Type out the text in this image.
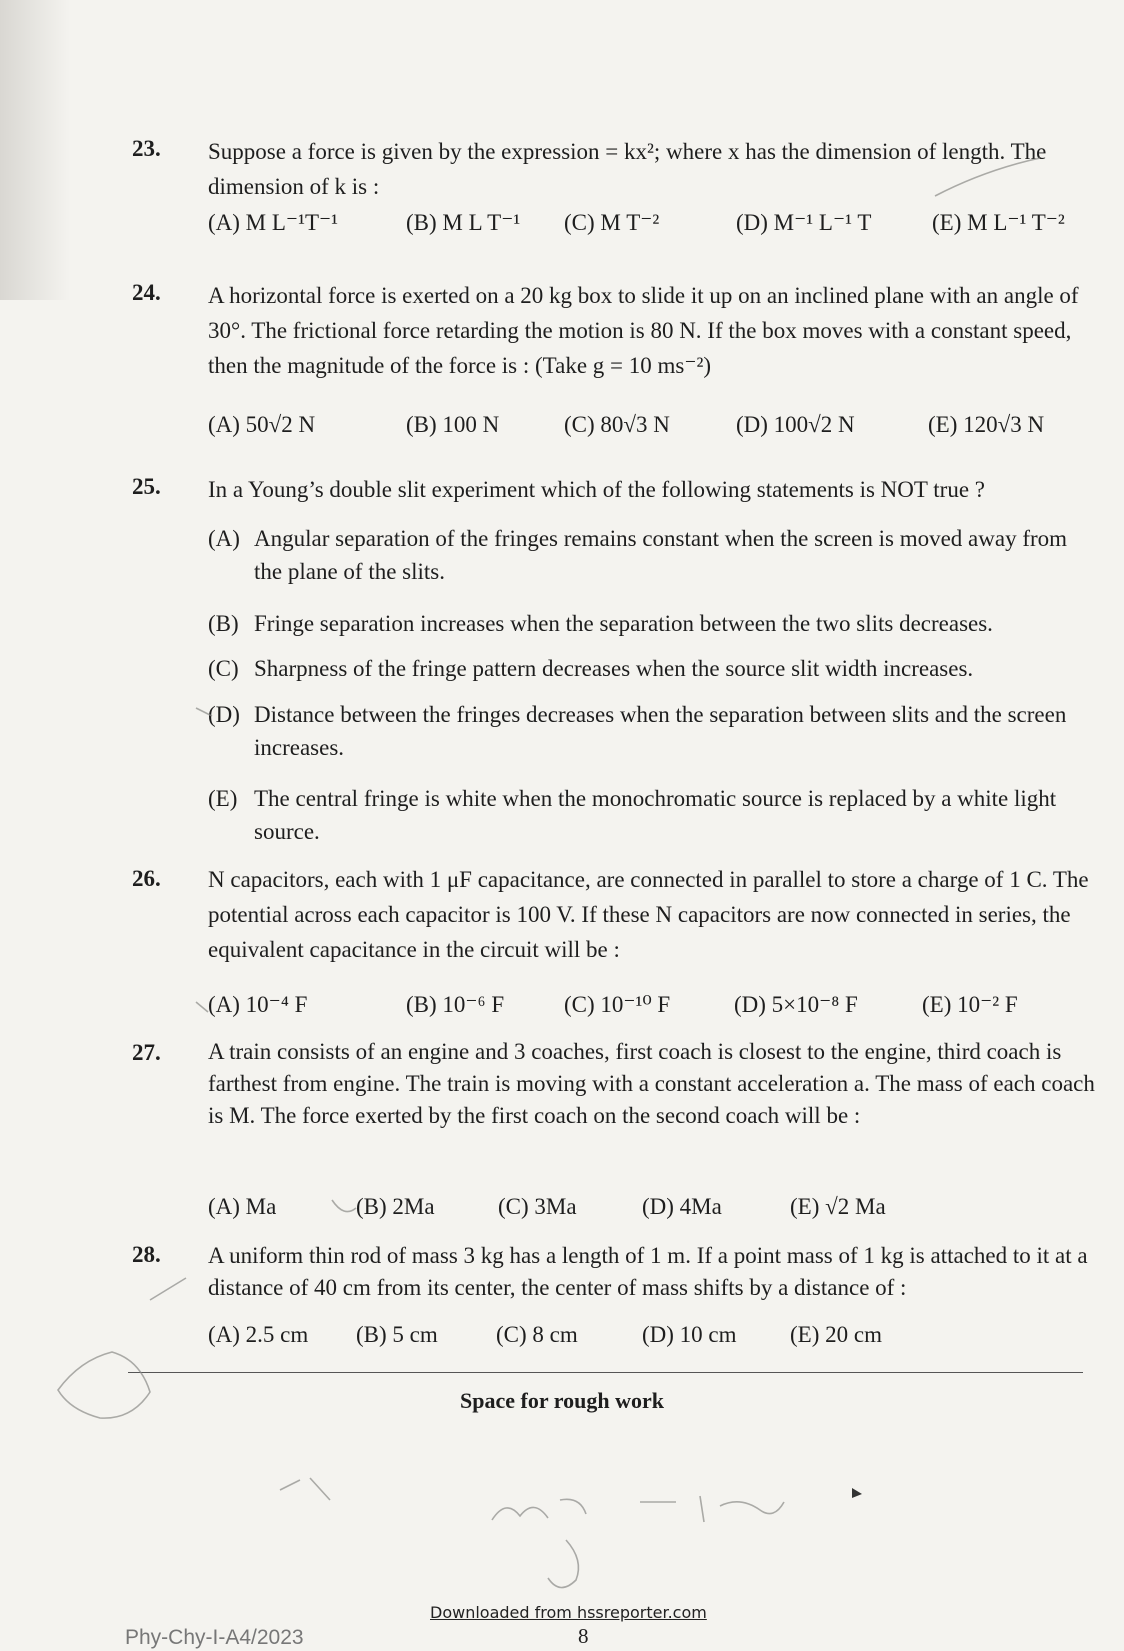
23. Suppose a force is given by the expression = kx²; where x has the dimension of length. The dimension of k is :
(A) M L⁻¹T⁻¹	(B) M L T⁻¹ (C) M T⁻²	(D) M⁻¹ L⁻¹ T	(E) M L⁻¹ T⁻²
24. A horizontal force is exerted on a 20 kg box to slide it up on an inclined plane with an angle of 30°. The frictional force retarding the motion is 80 N. If the box moves with a constant speed, then the magnitude of the force is : (Take g = 10 ms⁻²)
(A) 50√2 N	(B) 100 N	(C) 80√3 N	(D) 100√2 N	(E) 120√3 N
25. In a Young’s double slit experiment which of the following statements is NOT true ?
(A) Angular separation of the fringes remains constant when the screen is moved away from the plane of the slits.
(B) Fringe separation increases when the separation between the two slits decreases.
(C) Sharpness of the fringe pattern decreases when the source slit width increases.
(D) Distance between the fringes decreases when the separation between slits and the screen increases.
(E) The central fringe is white when the monochromatic source is replaced by a white light source.
26. N capacitors, each with 1 μF capacitance, are connected in parallel to store a charge of 1 C. The potential across each capacitor is 100 V. If these N capacitors are now connected in series, the equivalent capacitance in the circuit will be :
(A) 10⁻⁴ F	(B) 10⁻⁶ F	(C) 10⁻¹⁰ F	(D) 5×10⁻⁸ F	(E) 10⁻² F
27. A train consists of an engine and 3 coaches, first coach is closest to the engine, third coach is farthest from engine. The train is moving with a constant acceleration a. The mass of each coach is M. The force exerted by the first coach on the second coach will be :
(A) Ma	(B) 2Ma	(C) 3Ma	(D) 4Ma	(E) √2 Ma
28. A uniform thin rod of mass 3 kg has a length of 1 m. If a point mass of 1 kg is attached to it at a distance of 40 cm from its center, the center of mass shifts by a distance of :
(A) 2.5 cm (B) 5 cm	(C) 8 cm	(D) 10 cm (E) 20 cm
Space for rough work
Downloaded from hssreporter.com
Phy-Chy-I-A4/2023	8
